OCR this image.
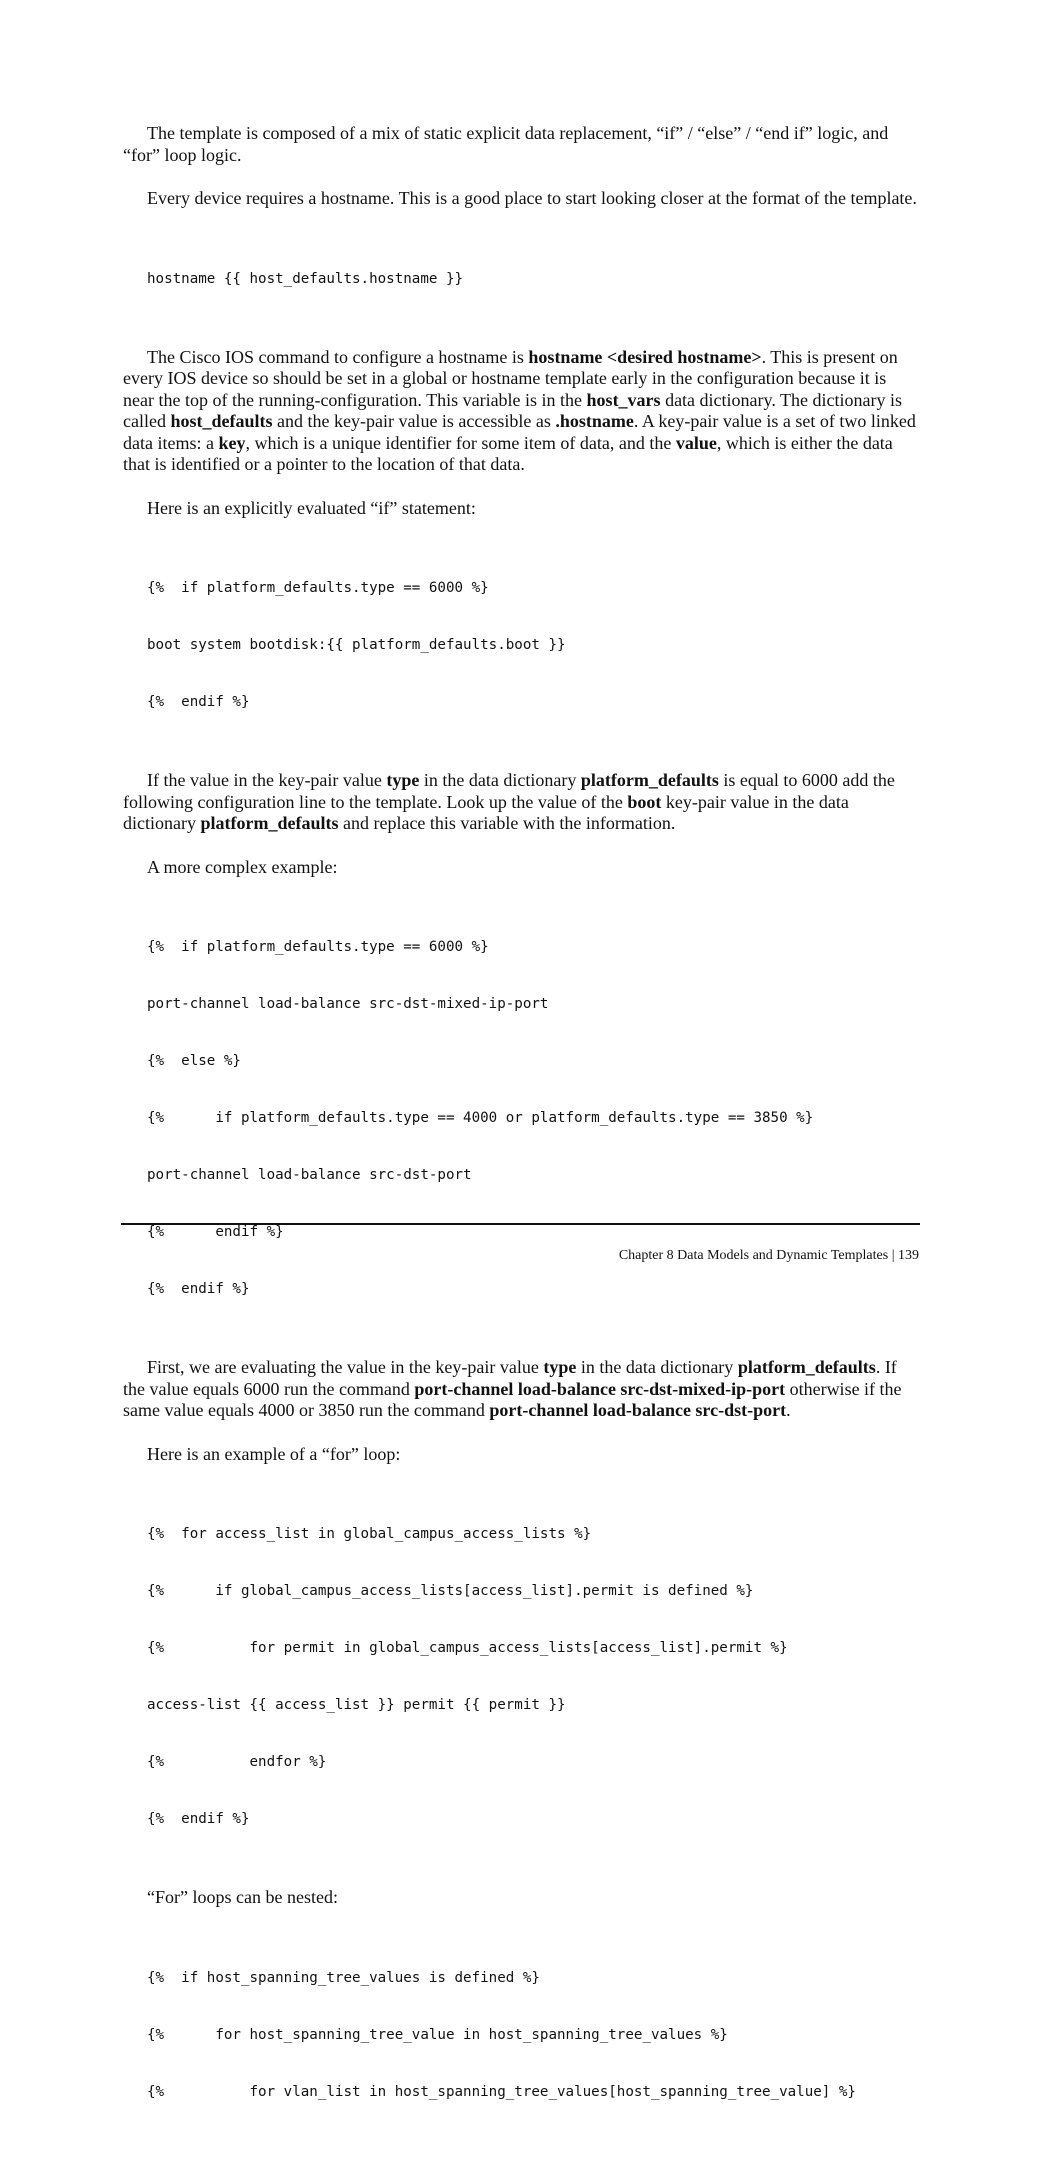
The template is composed of a mix of static explicit data replacement, “if” / “else” / “end if” logic, and “for” loop logic.

Every device requires a hostname. This is a good place to start looking closer at the format of the template.

hostname {{ host_defaults.hostname }}

The Cisco IOS command to configure a hostname is hostname <desired hostname>. This is present on every IOS device so should be set in a global or hostname template early in the configuration because it is near the top of the running-configuration. This variable is in the host_vars data dictionary. The dictionary is called host_defaults and the key-pair value is accessible as .hostname. A key-pair value is a set of two linked data items: a key, which is a unique identifier for some item of data, and the value, which is either the data that is identified or a pointer to the location of that data.

Here is an explicitly evaluated “if” statement:

{%  if platform_defaults.type == 6000 %}

boot system bootdisk:{{ platform_defaults.boot }}

{%  endif %}

If the value in the key-pair value type in the data dictionary platform_defaults is equal to 6000 add the following configuration line to the template. Look up the value of the boot key-pair value in the data dictionary platform_defaults and replace this variable with the information.

A more complex example:

{%  if platform_defaults.type == 6000 %}

port-channel load-balance src-dst-mixed-ip-port

{%  else %}

{%      if platform_defaults.type == 4000 or platform_defaults.type == 3850 %}

port-channel load-balance src-dst-port

{%      endif %}

{%  endif %}

First, we are evaluating the value in the key-pair value type in the data dictionary platform_defaults. If the value equals 6000 run the command port-channel load-balance src-dst-mixed-ip-port otherwise if the same value equals 4000 or 3850 run the command port-channel load-balance src-dst-port.

Here is an example of a “for” loop:

{%  for access_list in global_campus_access_lists %}

{%      if global_campus_access_lists[access_list].permit is defined %}

{%          for permit in global_campus_access_lists[access_list].permit %}

access-list {{ access_list }} permit {{ permit }}

{%          endfor %}

{%  endif %}

“For” loops can be nested:

{%  if host_spanning_tree_values is defined %}

{%      for host_spanning_tree_value in host_spanning_tree_values %}

{%          for vlan_list in host_spanning_tree_values[host_spanning_tree_value] %}

Chapter 8 Data Models and Dynamic Templates | 139
